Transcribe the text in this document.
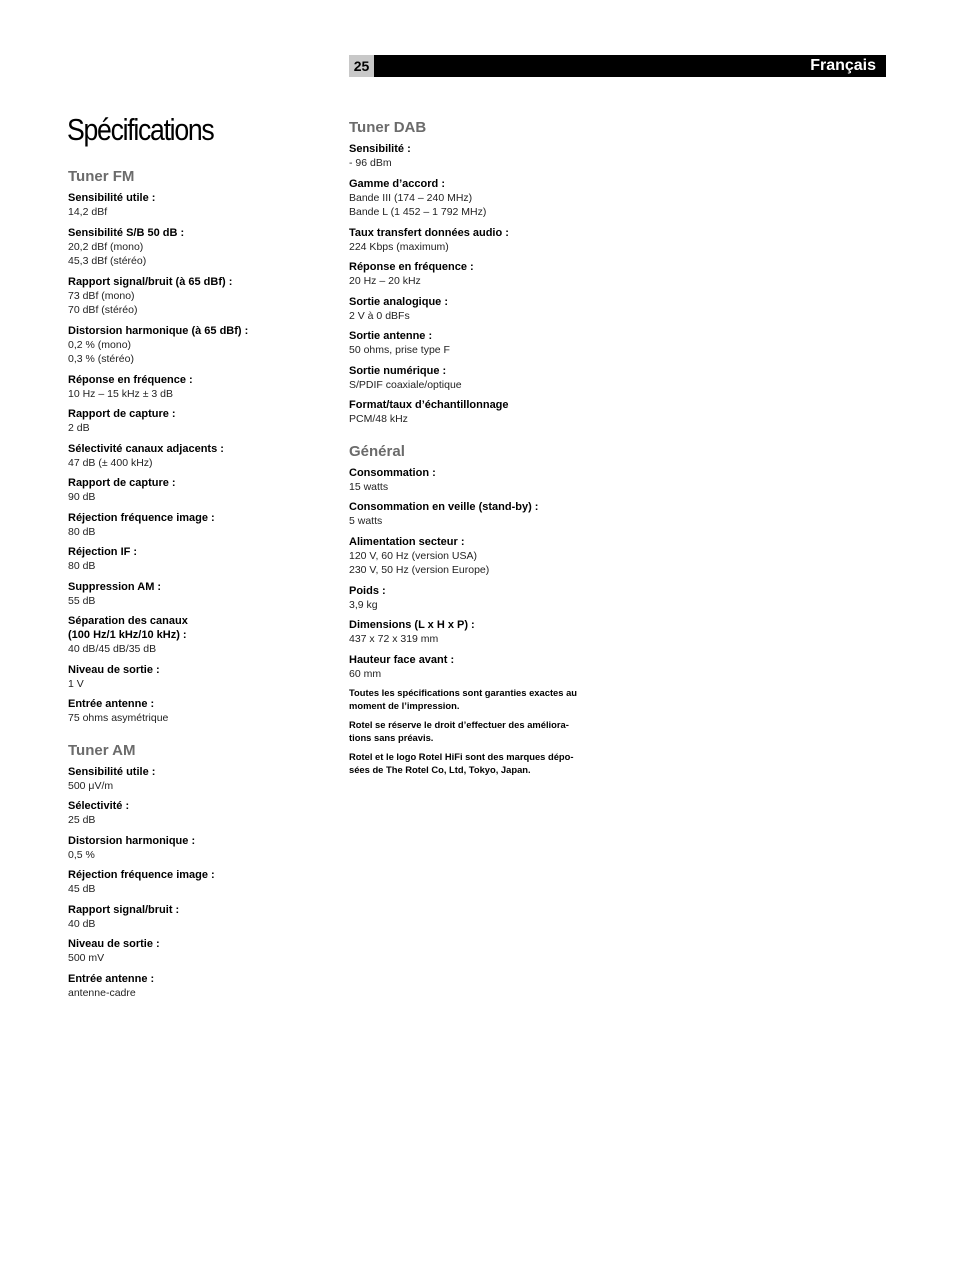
25	Français
Spécifications
Tuner FM
Sensibilité utile :
14,2 dBf
Sensibilité S/B 50 dB :
20,2 dBf (mono)
45,3 dBf (stéréo)
Rapport signal/bruit (à 65 dBf) :
73 dBf (mono)
70 dBf (stéréo)
Distorsion harmonique (à 65 dBf) :
0,2 % (mono)
0,3 % (stéréo)
Réponse en fréquence :
10 Hz – 15 kHz ± 3 dB
Rapport de capture :
2 dB
Sélectivité canaux adjacents :
47 dB (± 400 kHz)
Rapport de capture :
90 dB
Réjection fréquence image :
80 dB
Réjection IF :
80 dB
Suppression AM :
55 dB
Séparation des canaux
(100 Hz/1 kHz/10 kHz) :
40 dB/45 dB/35 dB
Niveau de sortie :
1 V
Entrée antenne :
75 ohms asymétrique
Tuner AM
Sensibilité utile :
500 μV/m
Sélectivité :
25 dB
Distorsion harmonique :
0,5 %
Réjection fréquence image :
45 dB
Rapport signal/bruit :
40 dB
Niveau de sortie :
500 mV
Entrée antenne :
antenne-cadre
Tuner DAB
Sensibilité :
- 96 dBm
Gamme d’accord :
Bande III (174 – 240 MHz)
Bande L (1 452 – 1 792 MHz)
Taux transfert données audio :
224 Kbps (maximum)
Réponse en fréquence :
20 Hz – 20 kHz
Sortie analogique :
2 V à 0 dBFs
Sortie antenne :
50 ohms, prise type F
Sortie numérique :
S/PDIF coaxiale/optique
Format/taux d’échantillonnage
PCM/48 kHz
Général
Consommation :
15 watts
Consommation en veille (stand-by) :
5 watts
Alimentation secteur :
120 V, 60 Hz (version USA)
230 V, 50 Hz (version Europe)
Poids :
3,9 kg
Dimensions (L x H x P) :
437 x 72 x 319 mm
Hauteur face avant :
60 mm
Toutes les spécifications sont garanties exactes au
moment de l’impression.
Rotel se réserve le droit d’effectuer des améliora-
tions sans préavis.
Rotel et le logo Rotel HiFi sont des marques dépo-
sées de The Rotel Co, Ltd, Tokyo, Japan.
